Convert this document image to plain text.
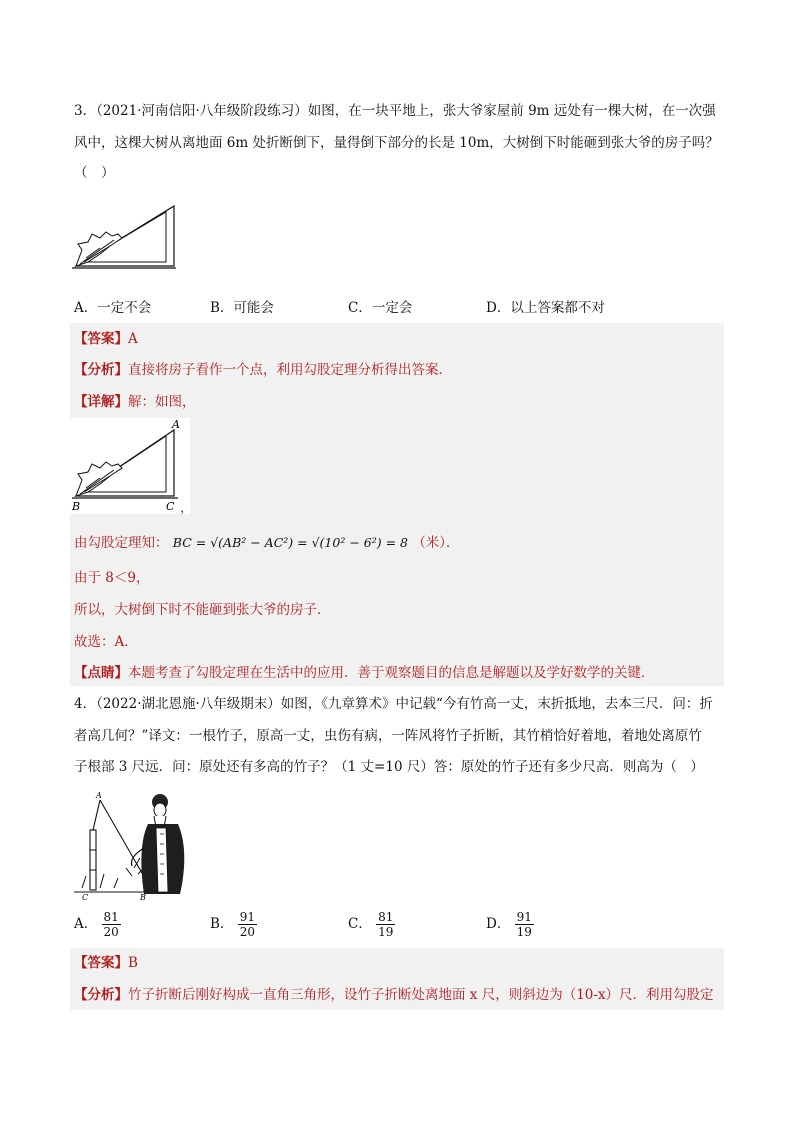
3．（2021·河南信阳·八年级阶段练习）如图，在一块平地上，张大爷家屋前 9m 远处有一棵大树，在一次强
风中，这棵大树从离地面 6m 处折断倒下，量得倒下部分的长是 10m，大树倒下时能砸到张大爷的房子吗？
（　）
A．一定不会	B．可能会	C．一定会	D．以上答案都不对
【答案】A
【分析】直接将房子看作一个点，利用勾股定理分析得出答案．
【详解】解：如图，
A
B	C ，
由勾股定理知： BC = √(AB² − AC²) = √(10² − 6²) = 8 （米）．
由于 8＜9，
所以，大树倒下时不能砸到张大爷的房子．
故选：A．
【点睛】本题考查了勾股定理在生活中的应用．善于观察题目的信息是解题以及学好数学的关键．
4．（2022·湖北恩施·八年级期末）如图，《九章算术》中记载“今有竹高一丈，末折抵地，去本三尺．问：折
者高几何？”译文：一根竹子，原高一丈，虫伤有病，一阵风将竹子折断，其竹梢恰好着地，着地处离原竹
子根部 3 尺远．问：原处还有多高的竹子？（1 丈=10 尺）答：原处的竹子还有多少尺高．则高为（　）
A
C	B
A． $\frac{81}{20}$	B． $\frac{91}{20}$	C． $\frac{81}{19}$	D． $\frac{91}{19}$
【答案】B
【分析】竹子折断后刚好构成一直角三角形，设竹子折断处离地面 x 尺，则斜边为（10-x）尺．利用勾股定
